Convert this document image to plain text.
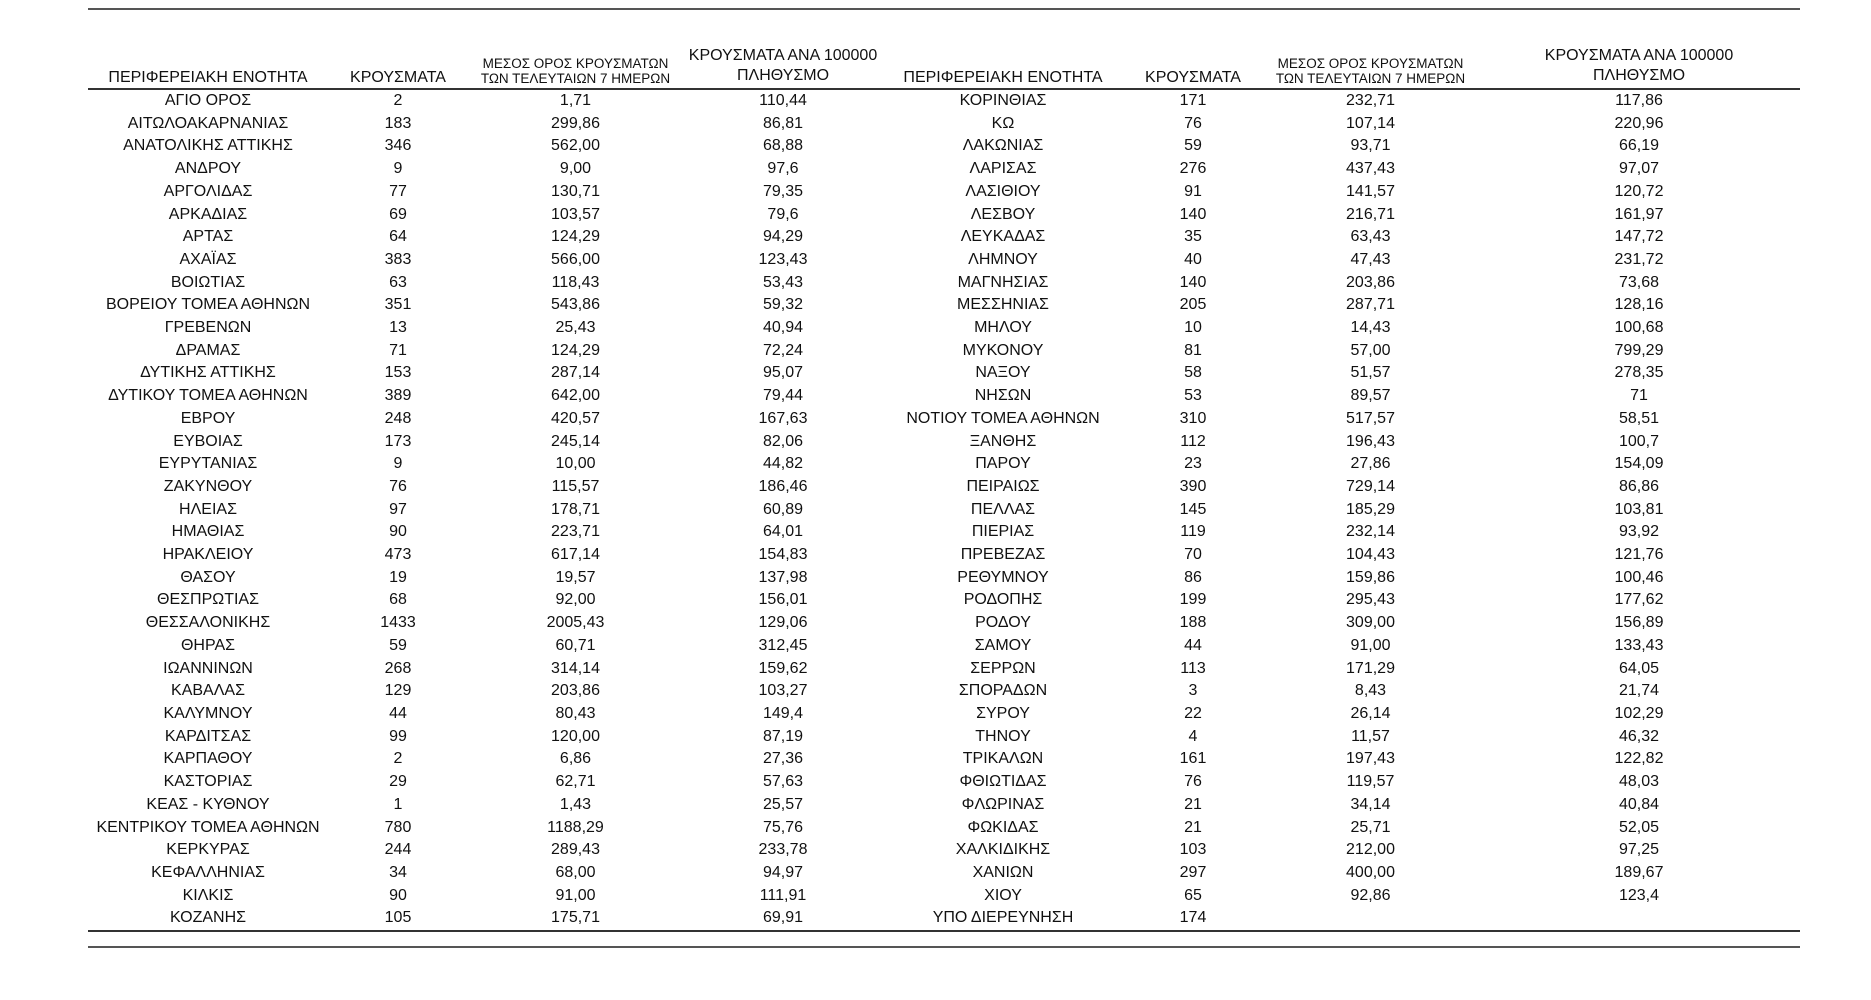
ΠΕΡΙΦΕΡΕΙΑΚΗ ΕΝΟΤΗΤΑ	ΚΡΟΥΣΜΑΤΑ	ΜΕΣΟΣ ΟΡΟΣ ΚΡΟΥΣΜΑΤΩΝ
ΤΩΝ ΤΕΛΕΥΤΑΙΩΝ 7 ΗΜΕΡΩΝ	ΚΡΟΥΣΜΑΤΑ ΑΝΑ 100000
ΠΛΗΘΥΣΜΟ	ΠΕΡΙΦΕΡΕΙΑΚΗ ΕΝΟΤΗΤΑ	ΚΡΟΥΣΜΑΤΑ	ΜΕΣΟΣ ΟΡΟΣ ΚΡΟΥΣΜΑΤΩΝ
ΤΩΝ ΤΕΛΕΥΤΑΙΩΝ 7 ΗΜΕΡΩΝ	ΚΡΟΥΣΜΑΤΑ ΑΝΑ 100000
ΠΛΗΘΥΣΜΟ
ΑΓΙΟ ΟΡΟΣ	2	1,71	110,44	ΚΟΡΙΝΘΙΑΣ	171	232,71	117,86
ΑΙΤΩΛΟΑΚΑΡΝΑΝΙΑΣ	183	299,86	86,81	ΚΩ	76	107,14	220,96
ΑΝΑΤΟΛΙΚΗΣ ΑΤΤΙΚΗΣ	346	562,00	68,88	ΛΑΚΩΝΙΑΣ	59	93,71	66,19
ΑΝΔΡΟΥ	9	9,00	97,6	ΛΑΡΙΣΑΣ	276	437,43	97,07
ΑΡΓΟΛΙΔΑΣ	77	130,71	79,35	ΛΑΣΙΘΙΟΥ	91	141,57	120,72
ΑΡΚΑΔΙΑΣ	69	103,57	79,6	ΛΕΣΒΟΥ	140	216,71	161,97
ΑΡΤΑΣ	64	124,29	94,29	ΛΕΥΚΑΔΑΣ	35	63,43	147,72
ΑΧΑΪΑΣ	383	566,00	123,43	ΛΗΜΝΟΥ	40	47,43	231,72
ΒΟΙΩΤΙΑΣ	63	118,43	53,43	ΜΑΓΝΗΣΙΑΣ	140	203,86	73,68
ΒΟΡΕΙΟΥ ΤΟΜΕΑ ΑΘΗΝΩΝ	351	543,86	59,32	ΜΕΣΣΗΝΙΑΣ	205	287,71	128,16
ΓΡΕΒΕΝΩΝ	13	25,43	40,94	ΜΗΛΟΥ	10	14,43	100,68
ΔΡΑΜΑΣ	71	124,29	72,24	ΜΥΚΟΝΟΥ	81	57,00	799,29
ΔΥΤΙΚΗΣ ΑΤΤΙΚΗΣ	153	287,14	95,07	ΝΑΞΟΥ	58	51,57	278,35
ΔΥΤΙΚΟΥ ΤΟΜΕΑ ΑΘΗΝΩΝ	389	642,00	79,44	ΝΗΣΩΝ	53	89,57	71
ΕΒΡΟΥ	248	420,57	167,63	ΝΟΤΙΟΥ ΤΟΜΕΑ ΑΘΗΝΩΝ	310	517,57	58,51
ΕΥΒΟΙΑΣ	173	245,14	82,06	ΞΑΝΘΗΣ	112	196,43	100,7
ΕΥΡΥΤΑΝΙΑΣ	9	10,00	44,82	ΠΑΡΟΥ	23	27,86	154,09
ΖΑΚΥΝΘΟΥ	76	115,57	186,46	ΠΕΙΡΑΙΩΣ	390	729,14	86,86
ΗΛΕΙΑΣ	97	178,71	60,89	ΠΕΛΛΑΣ	145	185,29	103,81
ΗΜΑΘΙΑΣ	90	223,71	64,01	ΠΙΕΡΙΑΣ	119	232,14	93,92
ΗΡΑΚΛΕΙΟΥ	473	617,14	154,83	ΠΡΕΒΕΖΑΣ	70	104,43	121,76
ΘΑΣΟΥ	19	19,57	137,98	ΡΕΘΥΜΝΟΥ	86	159,86	100,46
ΘΕΣΠΡΩΤΙΑΣ	68	92,00	156,01	ΡΟΔΟΠΗΣ	199	295,43	177,62
ΘΕΣΣΑΛΟΝΙΚΗΣ	1433	2005,43	129,06	ΡΟΔΟΥ	188	309,00	156,89
ΘΗΡΑΣ	59	60,71	312,45	ΣΑΜΟΥ	44	91,00	133,43
ΙΩΑΝΝΙΝΩΝ	268	314,14	159,62	ΣΕΡΡΩΝ	113	171,29	64,05
ΚΑΒΑΛΑΣ	129	203,86	103,27	ΣΠΟΡΑΔΩΝ	3	8,43	21,74
ΚΑΛΥΜΝΟΥ	44	80,43	149,4	ΣΥΡΟΥ	22	26,14	102,29
ΚΑΡΔΙΤΣΑΣ	99	120,00	87,19	ΤΗΝΟΥ	4	11,57	46,32
ΚΑΡΠΑΘΟΥ	2	6,86	27,36	ΤΡΙΚΑΛΩΝ	161	197,43	122,82
ΚΑΣΤΟΡΙΑΣ	29	62,71	57,63	ΦΘΙΩΤΙΔΑΣ	76	119,57	48,03
ΚΕΑΣ - ΚΥΘΝΟΥ	1	1,43	25,57	ΦΛΩΡΙΝΑΣ	21	34,14	40,84
ΚΕΝΤΡΙΚΟΥ ΤΟΜΕΑ ΑΘΗΝΩΝ	780	1188,29	75,76	ΦΩΚΙΔΑΣ	21	25,71	52,05
ΚΕΡΚΥΡΑΣ	244	289,43	233,78	ΧΑΛΚΙΔΙΚΗΣ	103	212,00	97,25
ΚΕΦΑΛΛΗΝΙΑΣ	34	68,00	94,97	ΧΑΝΙΩΝ	297	400,00	189,67
ΚΙΛΚΙΣ	90	91,00	111,91	ΧΙΟΥ	65	92,86	123,4
ΚΟΖΑΝΗΣ	105	175,71	69,91	ΥΠΟ ΔΙΕΡΕΥΝΗΣΗ	174		
